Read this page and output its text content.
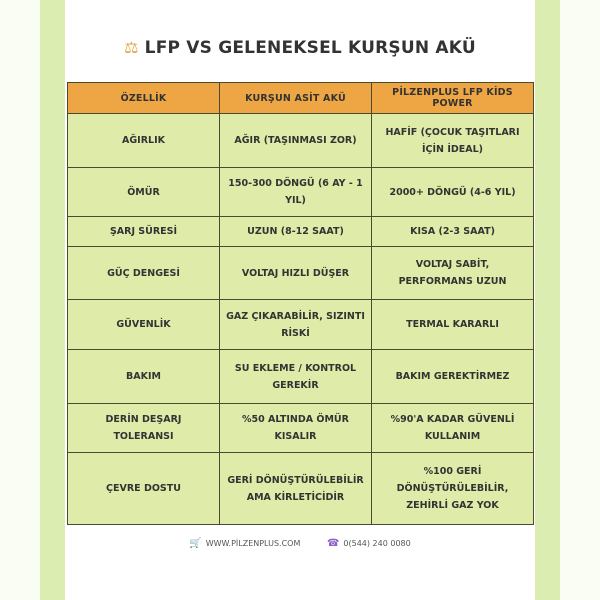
⚖ LFP VS GELENEKSEL KURŞUN AKÜ
ÖZELLİK	KURŞUN ASİT AKÜ	PİLZENPLUS LFP KİDS POWER
AĞIRLIK	AĞIR (TAŞINMASI ZOR)	HAFİF (ÇOCUK TAŞITLARI İÇİN İDEAL)
ÖMÜR	150-300 DÖNGÜ (6 AY - 1 YIL)	2000+ DÖNGÜ (4-6 YIL)
ŞARJ SÜRESİ	UZUN (8-12 SAAT)	KISA (2-3 SAAT)
GÜÇ DENGESİ	VOLTAJ HIZLI DÜŞER	VOLTAJ SABİT, PERFORMANS UZUN
GÜVENLİK	GAZ ÇIKARABİLİR, SIZINTI RİSKİ	TERMAL KARARLI
BAKIM	SU EKLEME / KONTROL GEREKİR	BAKIM GEREKTİRMEZ
DERİN DEŞARJ TOLERANSI	%50 ALTINDA ÖMÜR KISALIR	%90'A KADAR GÜVENLİ KULLANIM
ÇEVRE DOSTU	GERİ DÖNÜŞTÜRÜLEBİLİR AMA KİRLETİCİDİR	%100 GERİ DÖNÜŞTÜRÜLEBİLİR, ZEHİRLİ GAZ YOK
🛒 WWW.PİLZENPLUS.COM	☎ 0(544) 240 0080
